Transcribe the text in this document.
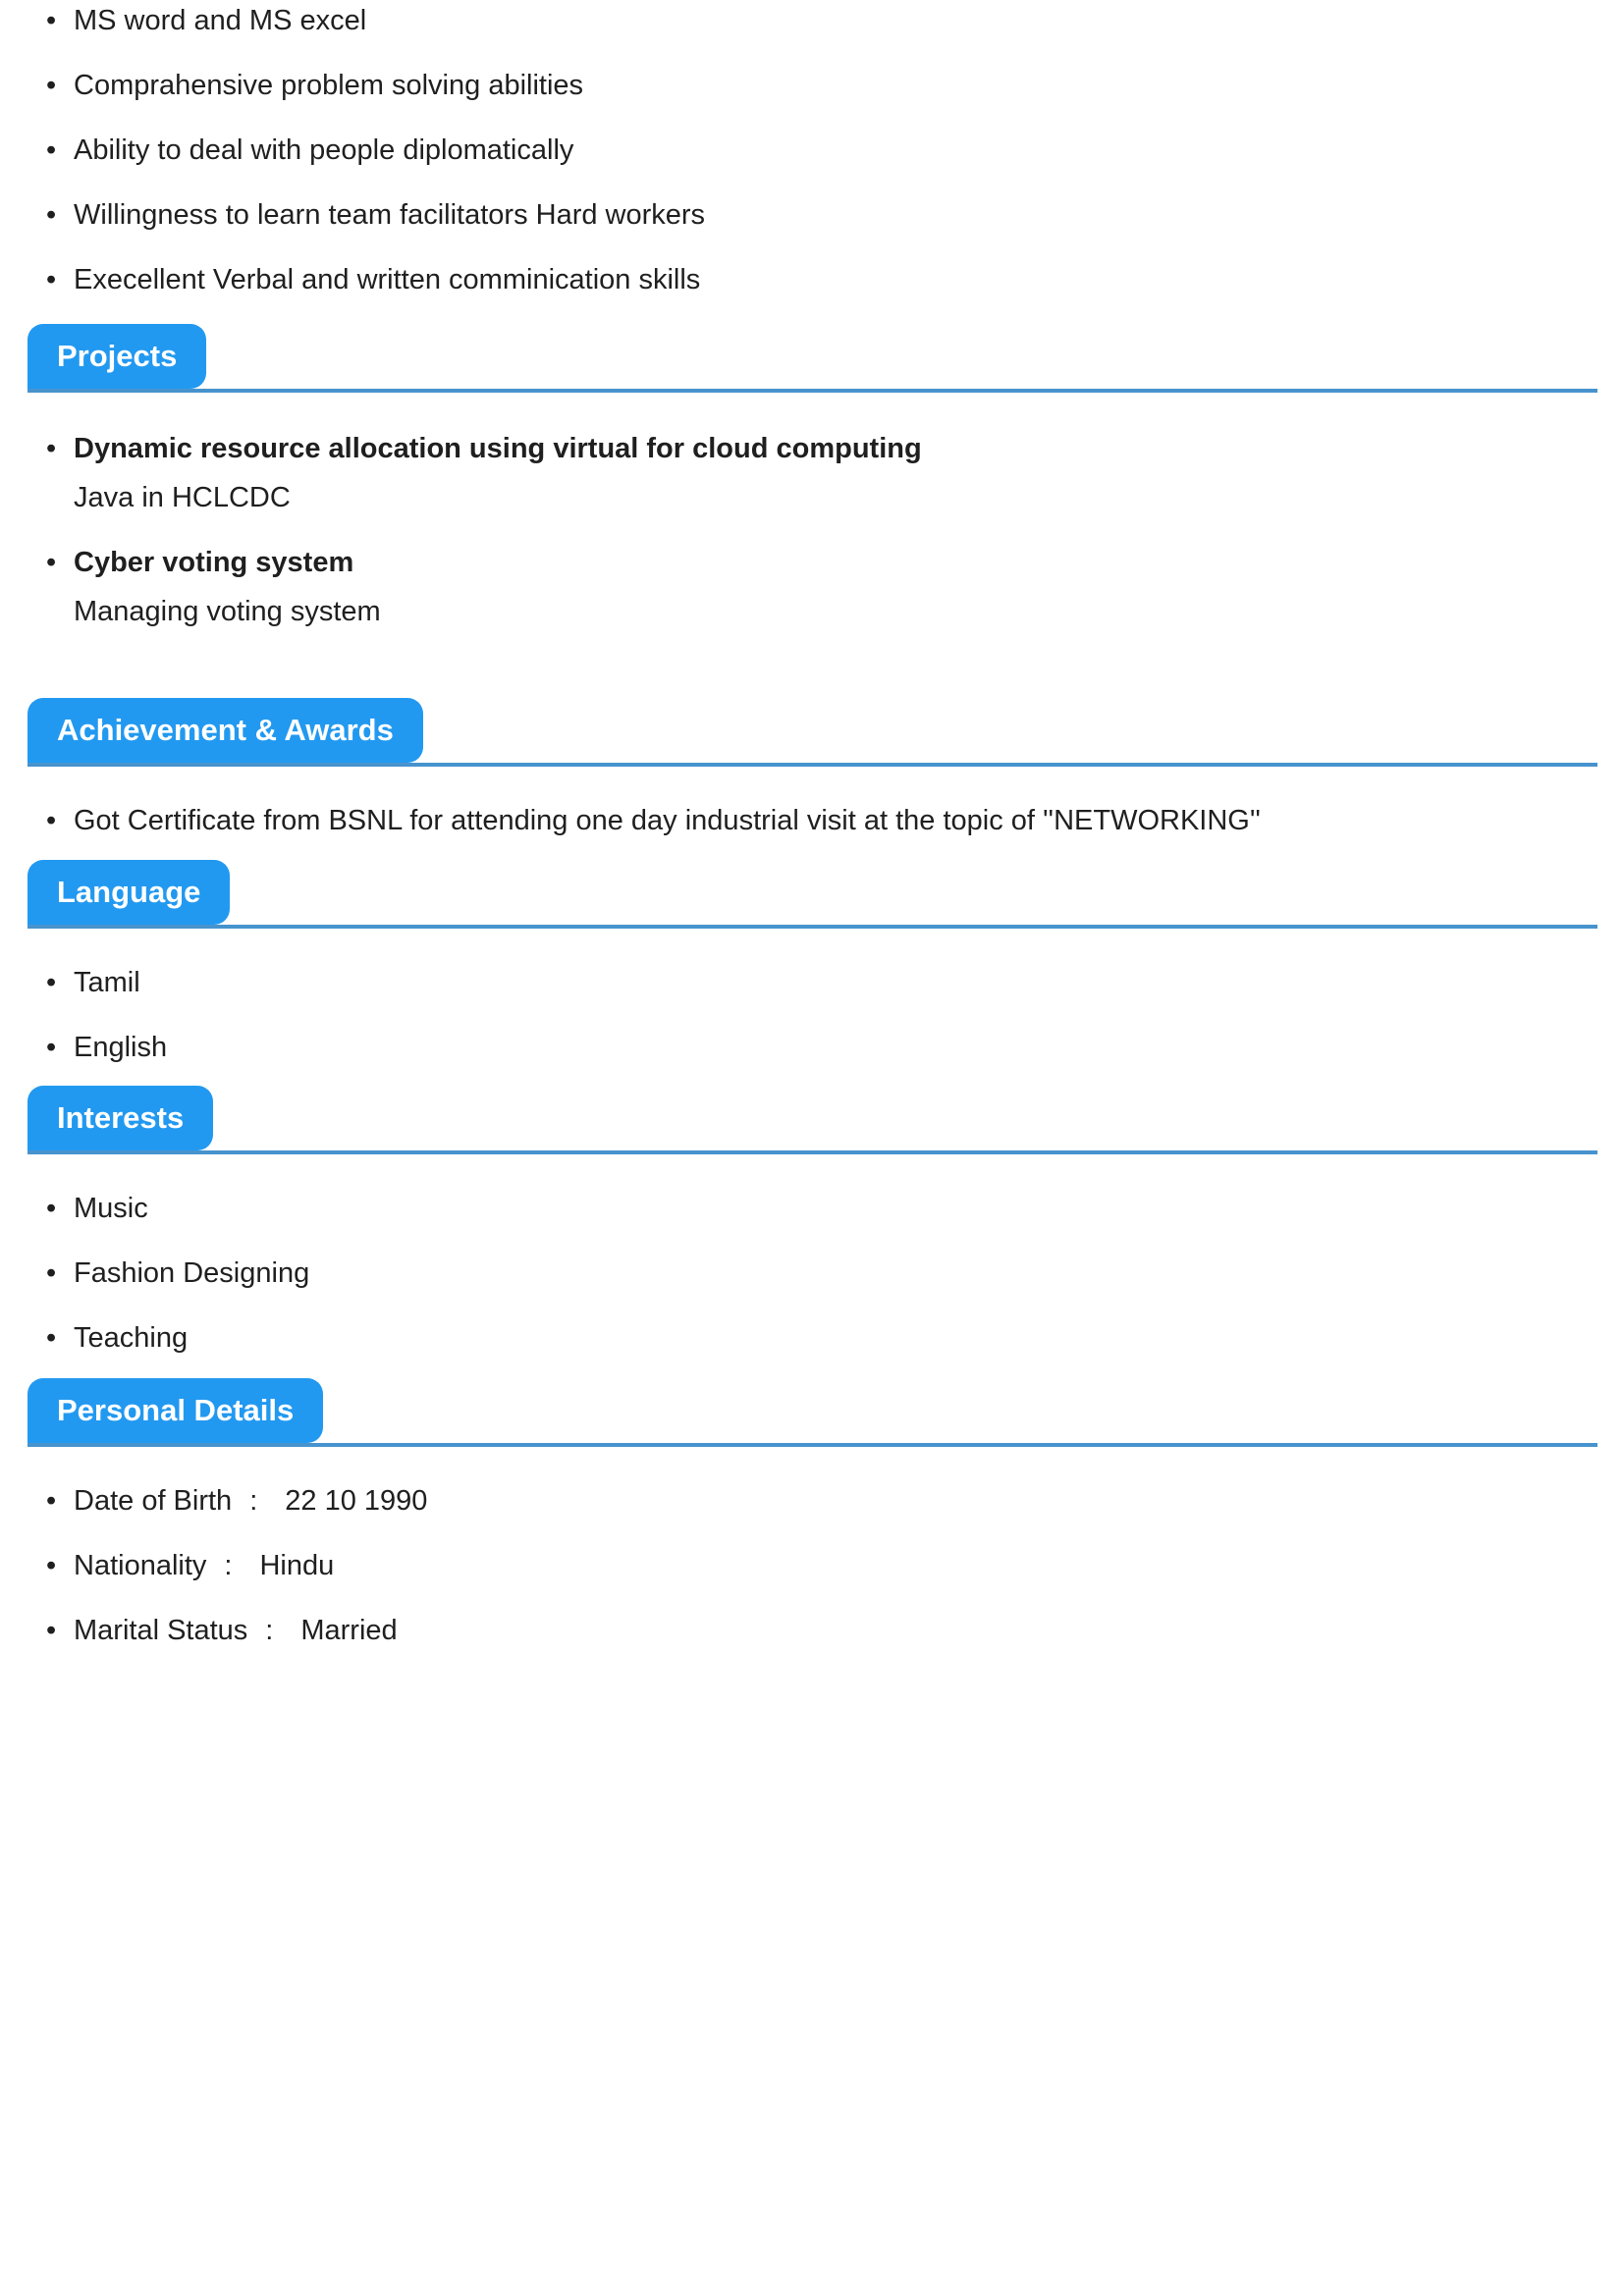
• MS word and MS excel
• Comprahensive problem solving abilities
• Ability to deal with people diplomatically
• Willingness to learn team facilitators Hard workers
• Execellent Verbal and written comminication skills
Projects
• Dynamic resource allocation using virtual for cloud computing
Java in HCLCDC
• Cyber voting system
Managing voting system
Achievement & Awards
• Got Certificate from BSNL for attending one day industrial visit at the topic of ''NETWORKING''
Language
• Tamil
• English
Interests
• Music
• Fashion Designing
• Teaching
Personal Details
• Date of Birth : 22 10 1990
• Nationality : Hindu
• Marital Status : Married
